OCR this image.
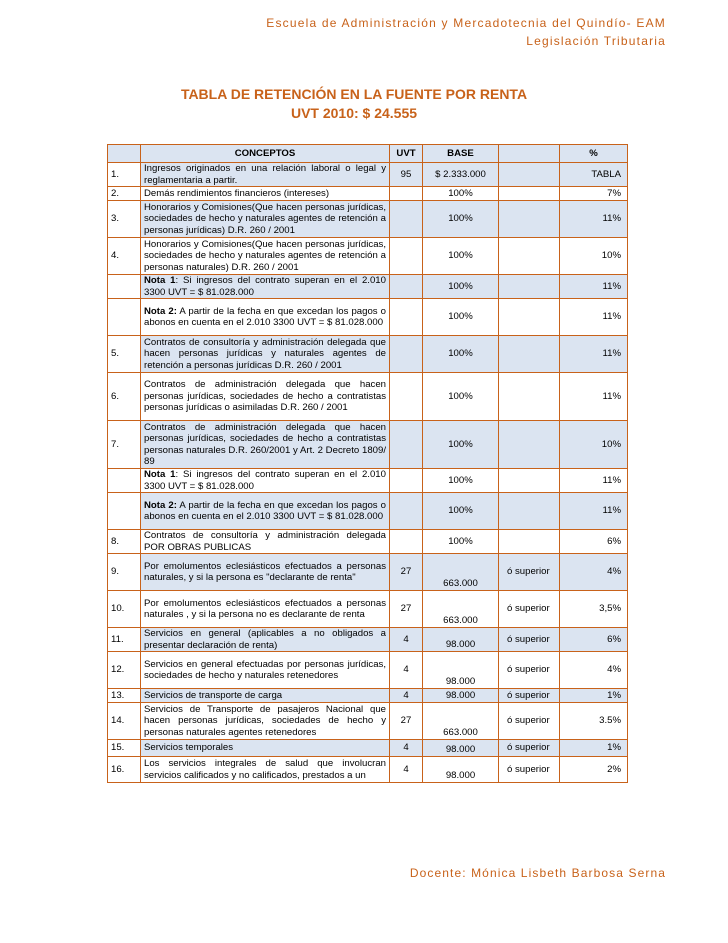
Escuela de Administración y Mercadotecnia del Quindío- EAM
Legislación Tributaria
TABLA DE RETENCIÓN EN LA FUENTE POR RENTA
UVT 2010: $ 24.555
	CONCEPTOS	UVT	BASE		%
1.	Ingresos originados en una relación laboral o legal y reglamentaria a partir.	95	$ 2.333.000		TABLA
2.	Demás rendimientos financieros (intereses)		100%		7%
3.	Honorarios y Comisiones(Que hacen personas jurídicas, sociedades de hecho y naturales agentes de retención a personas jurídicas) D.R. 260 / 2001		100%		11%
4.	Honorarios y Comisiones(Que hacen personas jurídicas, sociedades de hecho y naturales agentes de retención a personas naturales) D.R. 260 / 2001		100%		10%
	Nota 1: Si ingresos del contrato superan en el 2.010 3300 UVT = $ 81.028.000		100%		11%
	Nota 2: A partir de la fecha en que excedan los pagos o abonos en cuenta en el 2.010 3300 UVT = $ 81.028.000		100%		11%
5.	Contratos de consultoría y administración delegada que hacen personas jurídicas y naturales agentes de retención a personas jurídicas D.R. 260 / 2001		100%		11%
6.	Contratos de administración delegada que hacen personas jurídicas, sociedades de hecho a contratistas personas jurídicas o asimiladas D.R. 260 / 2001		100%		11%
7.	Contratos de administración delegada que hacen personas jurídicas, sociedades de hecho a contratistas personas naturales D.R. 260/2001 y Art. 2 Decreto 1809/ 89		100%		10%
	Nota 1: Si ingresos del contrato superan en el 2.010 3300 UVT = $ 81.028.000		100%		11%
	Nota 2: A partir de la fecha en que excedan los pagos o abonos en cuenta en el 2.010 3300 UVT = $ 81.028.000		100%		11%
8.	Contratos de consultoría y administración delegada POR OBRAS PUBLICAS		100%		6%
9.	Por emolumentos eclesiásticos efectuados a personas naturales, y si la persona es "declarante de renta"	27	663.000	ó superior	4%
10.	Por emolumentos eclesiásticos efectuados a personas naturales , y si la persona no es declarante de renta	27	663.000	ó superior	3,5%
11.	Servicios en general (aplicables a no obligados a presentar declaración de renta)	4	98.000	ó superior	6%
12.	Servicios en general efectuadas por personas jurídicas, sociedades de hecho y naturales retenedores	4	98.000	ó superior	4%
13.	Servicios de transporte de carga	4	98.000	ó superior	1%
14.	Servicios de Transporte de pasajeros Nacional que hacen personas jurídicas, sociedades de hecho y personas naturales agentes retenedores	27	663.000	ó superior	3.5%
15.	Servicios temporales	4	98.000	ó superior	1%
16.	Los servicios integrales de salud que involucran servicios calificados y no calificados, prestados a un	4	98.000	ó superior	2%
Docente: Mónica Lisbeth Barbosa Serna
